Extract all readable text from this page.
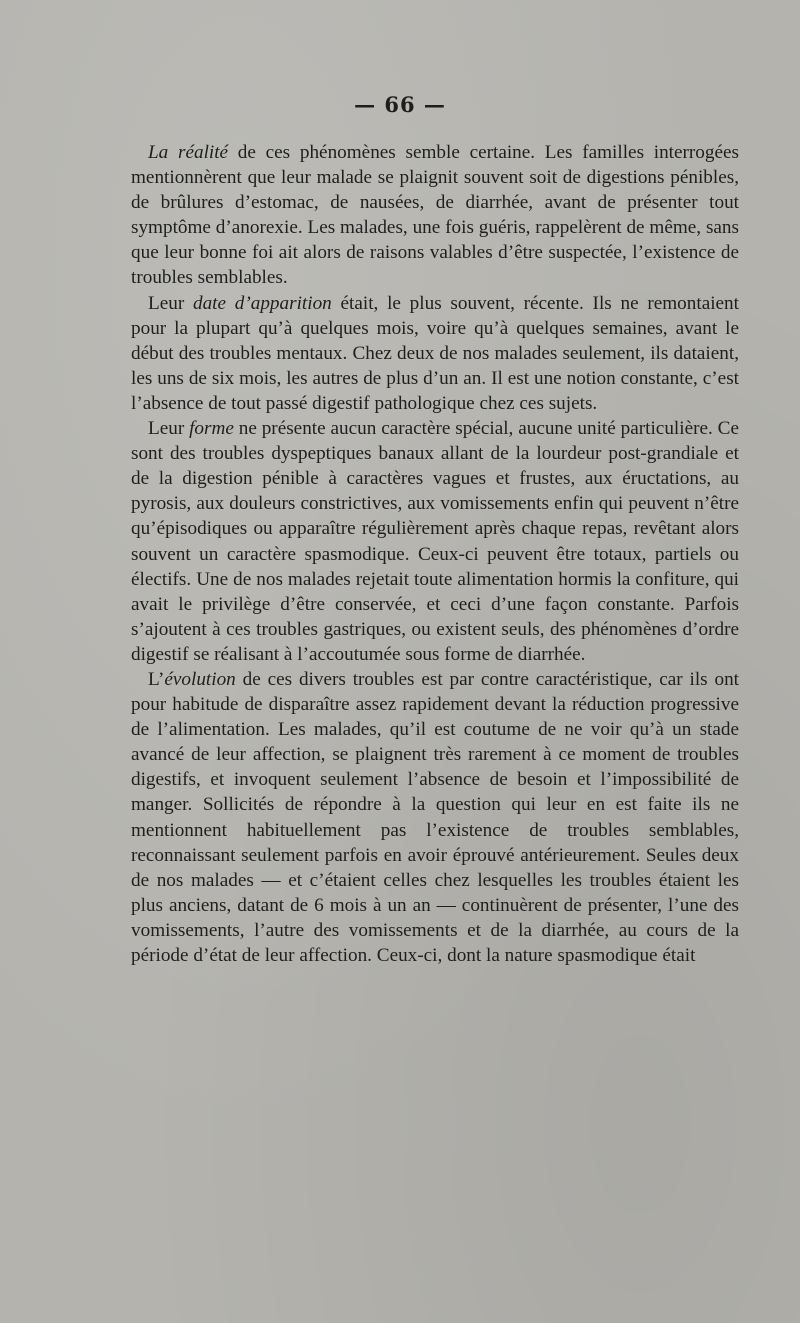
— 66 —

La réalité de ces phénomènes semble certaine. Les familles interrogées mentionnèrent que leur malade se plaignit souvent soit de digestions pénibles, de brûlures d’estomac, de nausées, de diarrhée, avant de présenter tout symptôme d’anorexie. Les malades, une fois guéris, rappelèrent de même, sans que leur bonne foi ait alors de raisons valables d’être suspectée, l’existence de troubles semblables.

Leur date d’apparition était, le plus souvent, récente. Ils ne remontaient pour la plupart qu’à quelques mois, voire qu’à quelques semaines, avant le début des troubles mentaux. Chez deux de nos malades seulement, ils dataient, les uns de six mois, les autres de plus d’un an. Il est une notion constante, c’est l’absence de tout passé digestif pathologique chez ces sujets.

Leur forme ne présente aucun caractère spécial, aucune unité particulière. Ce sont des troubles dyspeptiques banaux allant de la lourdeur post-grandiale et de la digestion pénible à caractères vagues et frustes, aux éructations, au pyrosis, aux douleurs constrictives, aux vomissements enfin qui peuvent n’être qu’épisodiques ou apparaître régulièrement après chaque repas, revêtant alors souvent un caractère spasmodique. Ceux-ci peuvent être totaux, partiels ou électifs. Une de nos malades rejetait toute alimentation hormis la confiture, qui avait le privilège d’être conservée, et ceci d’une façon constante. Parfois s’ajoutent à ces troubles gastriques, ou existent seuls, des phénomènes d’ordre digestif se réalisant à l’accoutumée sous forme de diarrhée.

L’évolution de ces divers troubles est par contre caractéristique, car ils ont pour habitude de disparaître assez rapidement devant la réduction progressive de l’alimentation. Les malades, qu’il est coutume de ne voir qu’à un stade avancé de leur affection, se plaignent très rarement à ce moment de troubles digestifs, et invoquent seulement l’absence de besoin et l’impossibilité de manger. Sollicités de répondre à la question qui leur en est faite ils ne mentionnent habituellement pas l’existence de troubles semblables, reconnaissant seulement parfois en avoir éprouvé antérieurement. Seules deux de nos malades — et c’étaient celles chez lesquelles les troubles étaient les plus anciens, datant de 6 mois à un an — continuèrent de présenter, l’une des vomissements, l’autre des vomissements et de la diarrhée, au cours de la période d’état de leur affection. Ceux-ci, dont la nature spasmodique était
